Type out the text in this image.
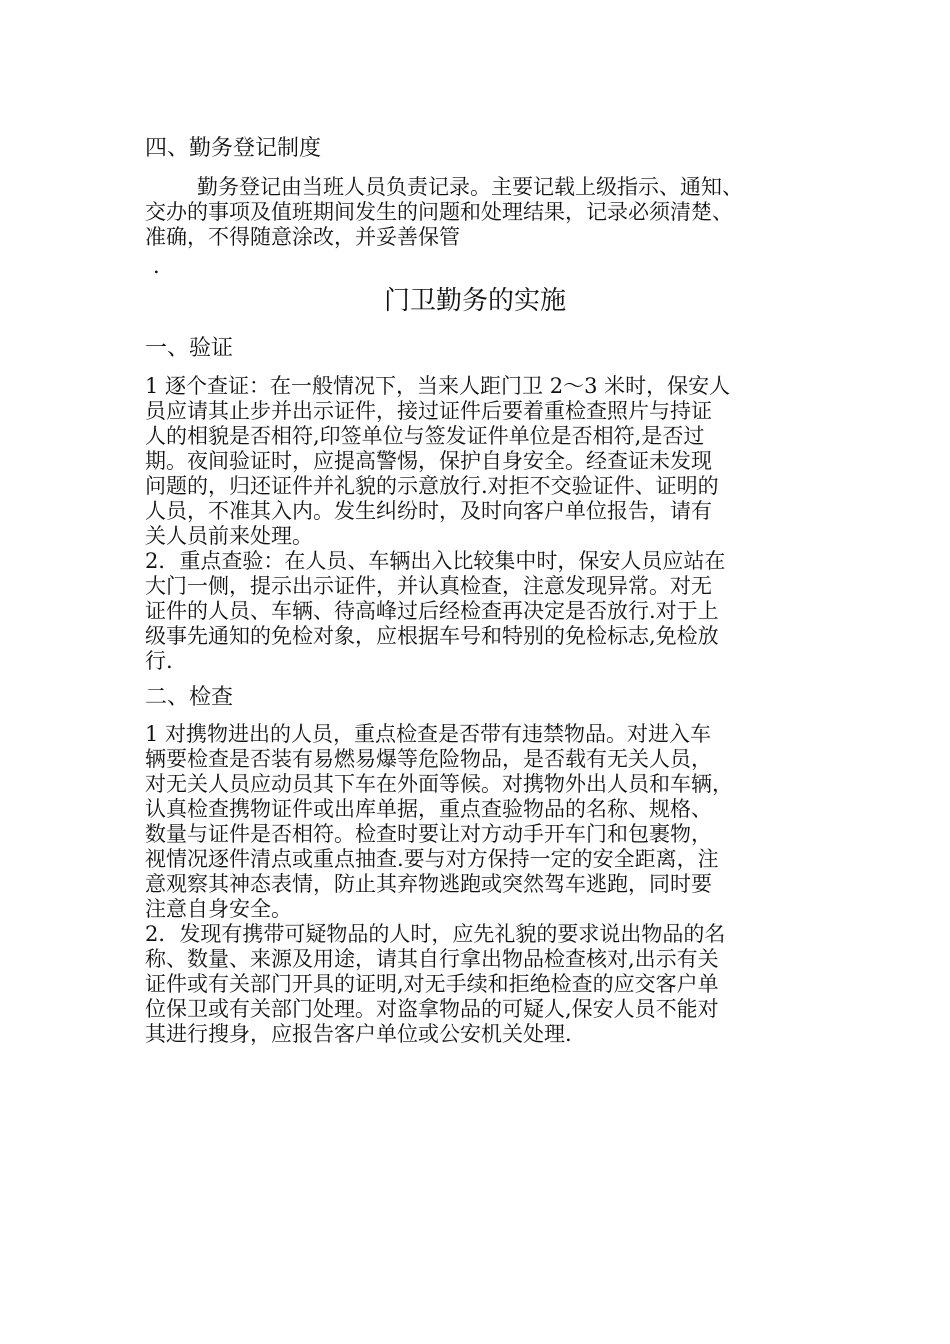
四、勤务登记制度
勤务登记由当班人员负责记录。主要记载上级指示、通知、
交办的事项及值班期间发生的问题和处理结果，记录必须清楚、
准确，不得随意涂改，并妥善保管
.
门卫勤务的实施
一、验证
1 逐个查证：在一般情况下，当来人距门卫 2～3 米时，保安人
员应请其止步并出示证件，接过证件后要着重检查照片与持证
人的相貌是否相符,印签单位与签发证件单位是否相符,是否过
期。夜间验证时，应提高警惕，保护自身安全。经查证未发现
问题的，归还证件并礼貌的示意放行.对拒不交验证件、证明的
人员，不准其入内。发生纠纷时，及时向客户单位报告，请有
关人员前来处理。
2．重点查验：在人员、车辆出入比较集中时，保安人员应站在
大门一侧，提示出示证件，并认真检查，注意发现异常。对无
证件的人员、车辆、待高峰过后经检查再决定是否放行.对于上
级事先通知的免检对象，应根据车号和特别的免检标志,免检放
行.
二、检查
1 对携物进出的人员，重点检查是否带有违禁物品。对进入车
辆要检查是否装有易燃易爆等危险物品，是否载有无关人员，
对无关人员应动员其下车在外面等候。对携物外出人员和车辆，
认真检查携物证件或出库单据，重点查验物品的名称、规格、
数量与证件是否相符。检查时要让对方动手开车门和包裹物，
视情况逐件清点或重点抽查.要与对方保持一定的安全距离，注
意观察其神态表情，防止其弃物逃跑或突然驾车逃跑，同时要
注意自身安全。
2．发现有携带可疑物品的人时，应先礼貌的要求说出物品的名
称、数量、来源及用途，请其自行拿出物品检查核对,出示有关
证件或有关部门开具的证明,对无手续和拒绝检查的应交客户单
位保卫或有关部门处理。对盗拿物品的可疑人,保安人员不能对
其进行搜身，应报告客户单位或公安机关处理.
